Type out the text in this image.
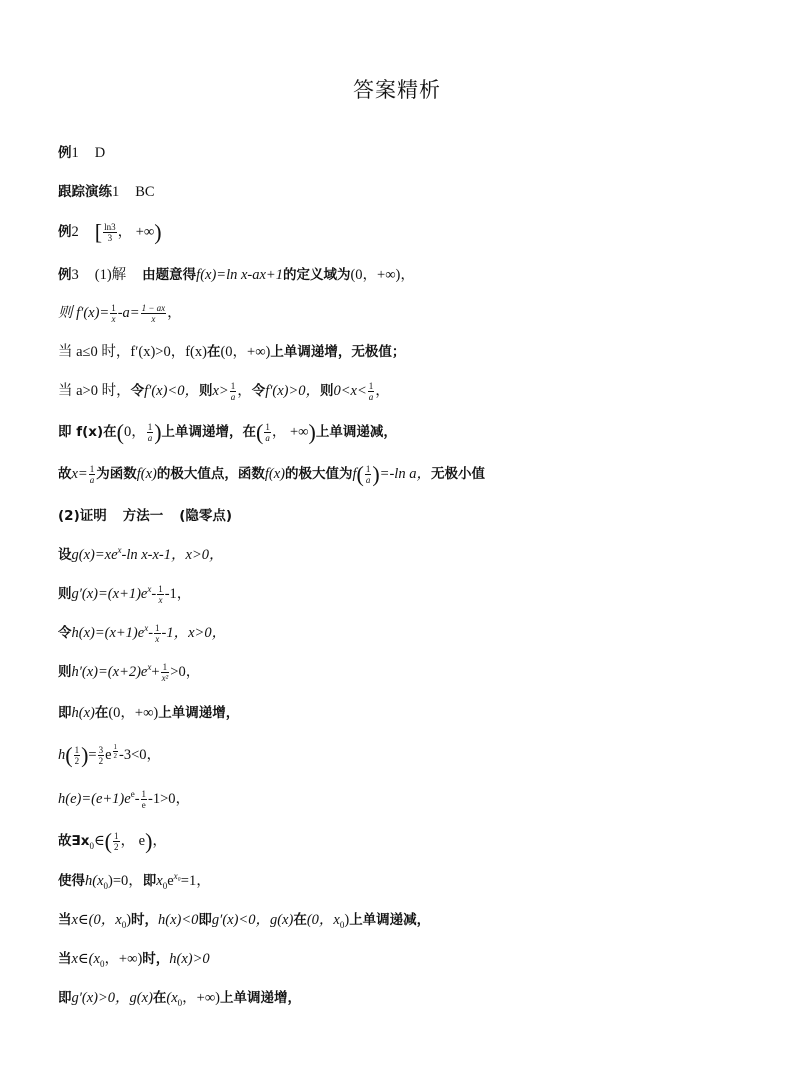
答案精析
例1 D
跟踪演练1 BC
例2 [ $\frac{\ln 3}{3}$ ， +∞)
例3 (1)解 由题意得f(x)=ln x-ax+1的定义域为(0，+∞)，
则 $f'(x)= \frac{1}{x} -a= \frac{1 - ax}{x}$ ，
当 a≤0 时，f′(x)>0，f(x)在(0，+∞)上单调递增，无极值；
当 a>0 时，令f′(x)<0，则$x> \frac{1}{a}$ ，令f′(x)>0，则$0<x< \frac{1}{a}$ ，
即 f(x)在(0， $\frac{1}{a}$ )上单调递增，在( $\frac{1}{a}$ ， +∞)上单调递减，
故$x= \frac{1}{a}$ 为函数f(x)的极大值点，函数f(x)的极大值为$f( \frac{1}{a} )=-\ln$ a，无极小值
(2)证明 方法一 (隐零点)
设$g(x)=xe^x-\ln$ x-x-1，x>0，
则$g'(x)=(x+1)e^x- \frac{1}{x} -1$，
令$h(x)=(x+1)e^x- \frac{1}{x} -1$，x>0，
则$h'(x)=(x+2)e^x+ \frac{1}{\text{x²}} >0$，
即h(x)在(0，+∞)上单调递增，
$h( \frac{1}{2}$ )= $\frac{3}{2}$ e $^{\frac{1}{2}}$ -3<0，
$h(e)=(e+1)e^e- \frac{1}{e} -1>0$，
故$\exists x_0\in( \frac{1}{2}$ ， e)，
使得$h(x_0)=0$，即$x_0e^{x_0}=1$，
当x∈(0，$x_0$)时，h(x)<0即g′(x)<0，g(x)在(0，$x_0$)上单调递减，
当$x\in(x_0$，+∞)时，h(x)>0
即g′(x)>0，g(x)在($x_0$，+∞)上单调递增，
